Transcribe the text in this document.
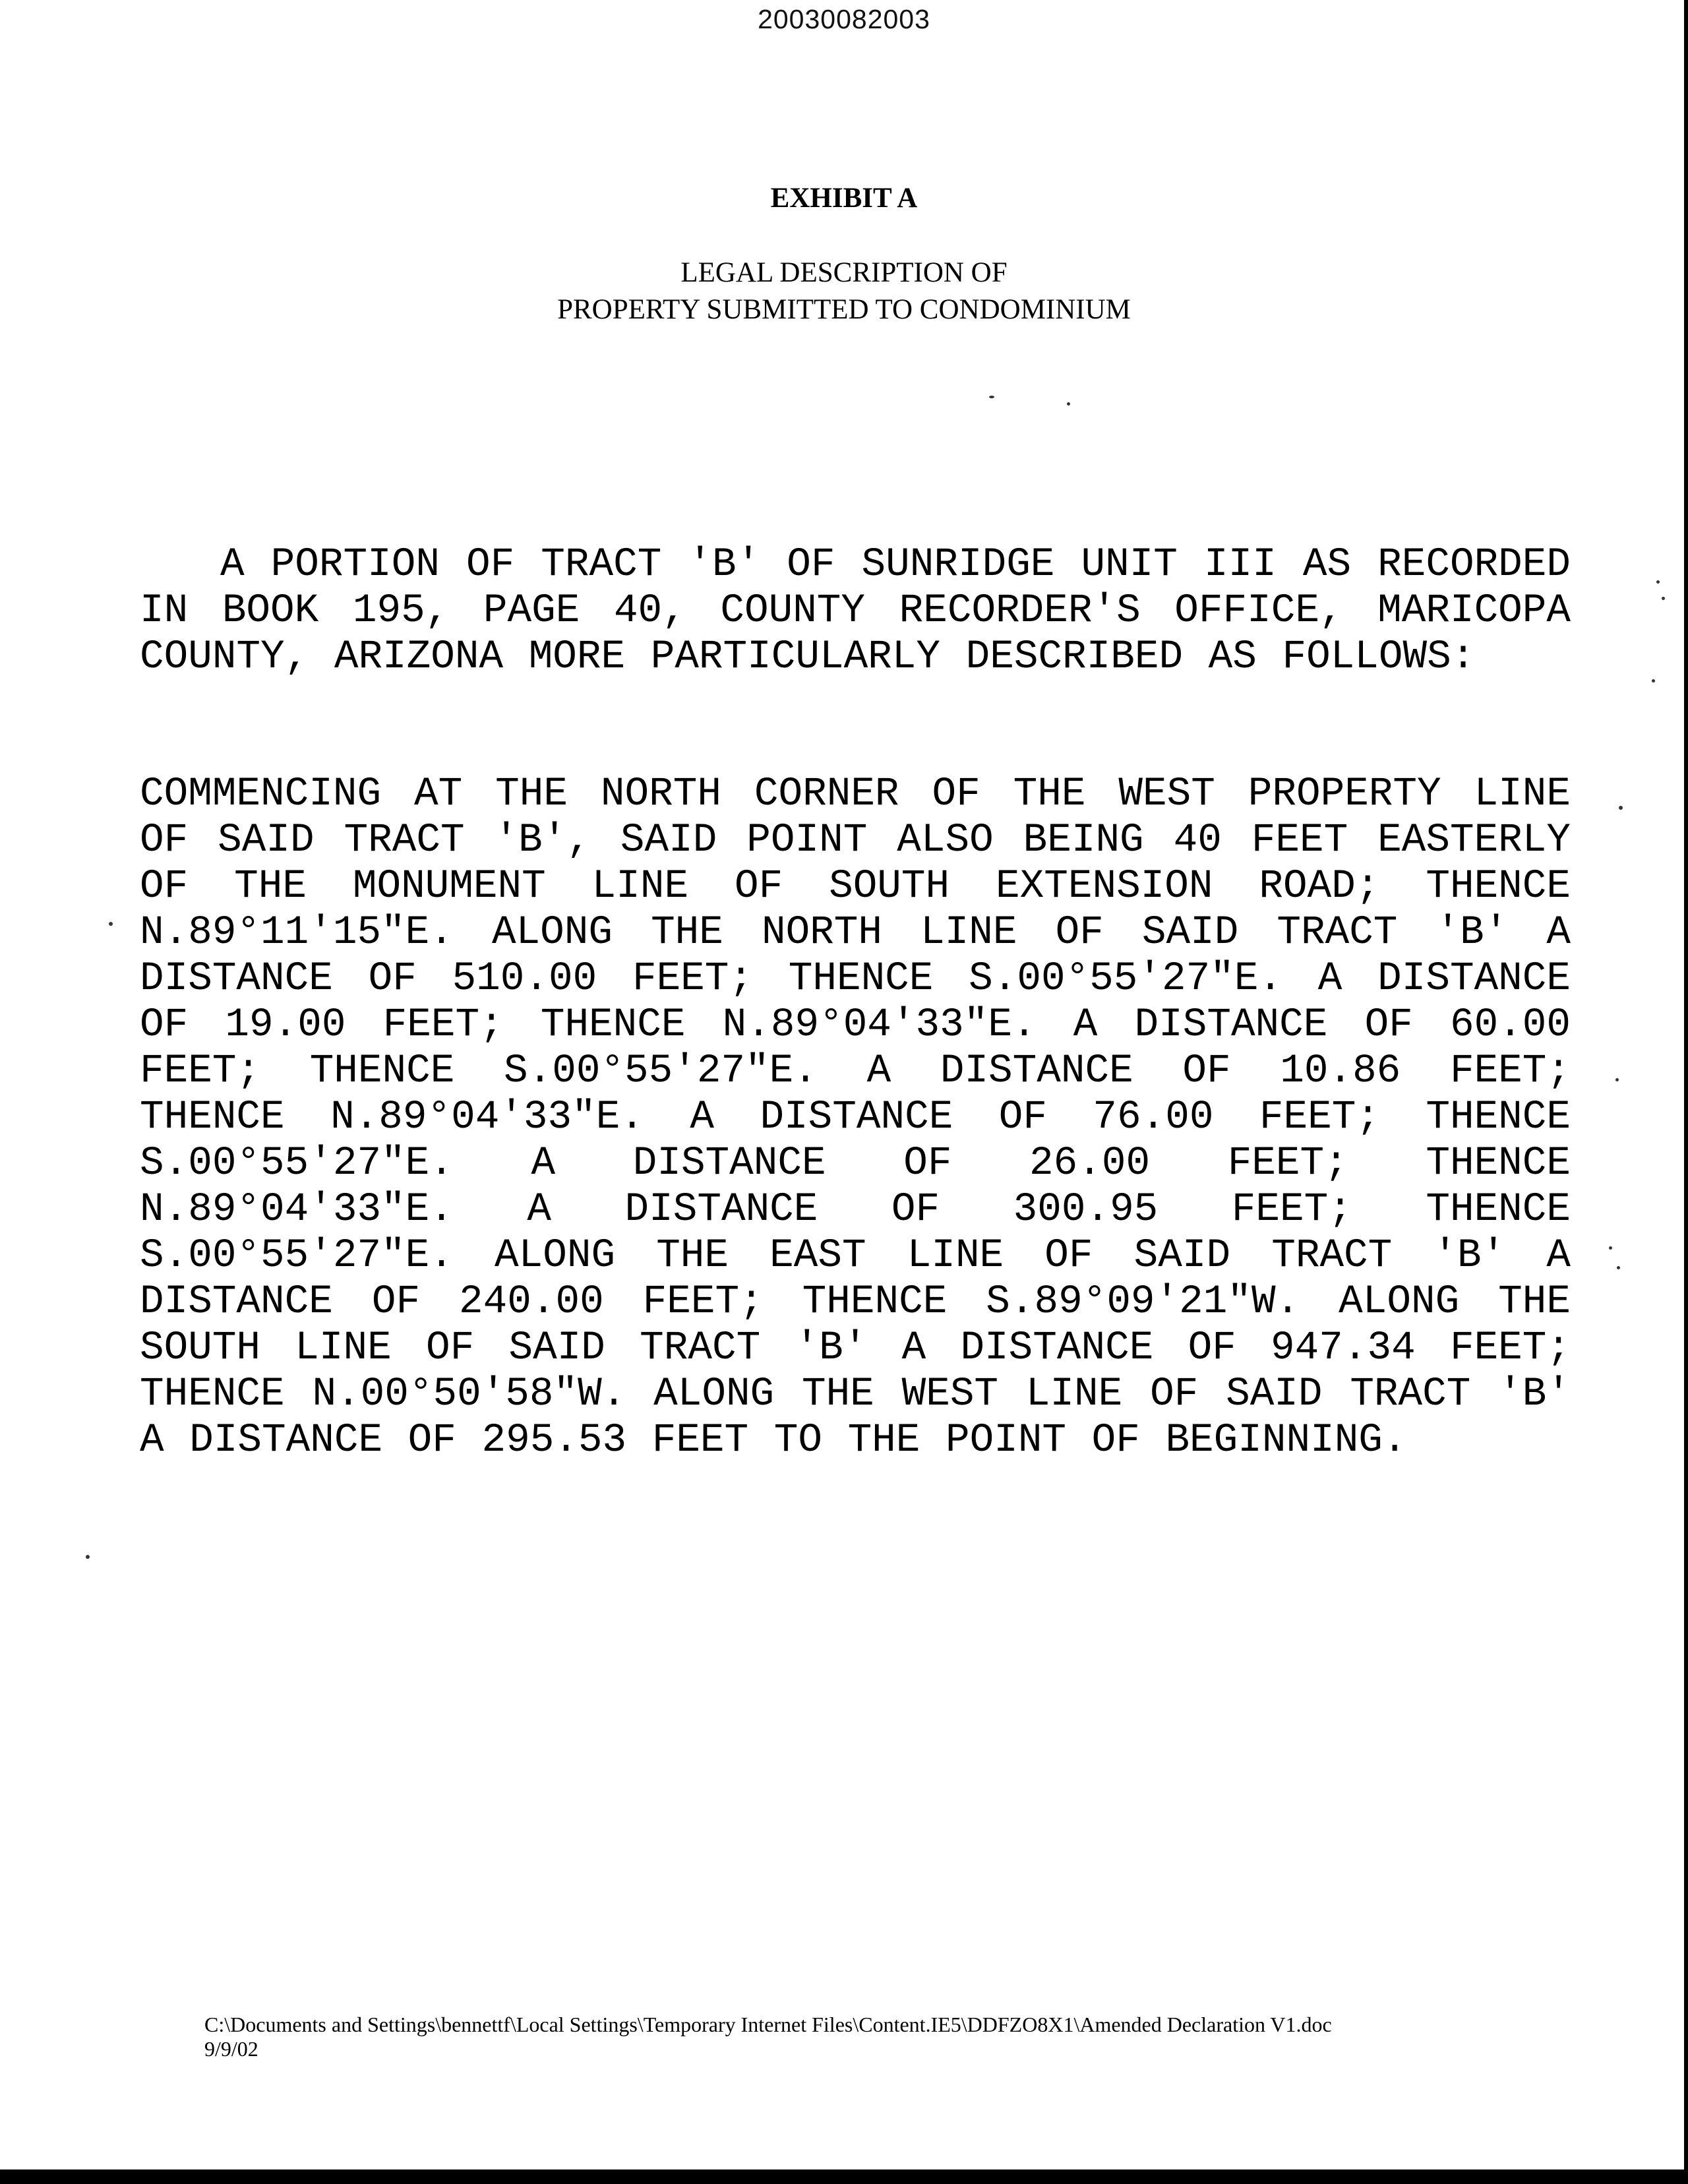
20030082003
EXHIBIT A
LEGAL DESCRIPTION OF
PROPERTY SUBMITTED TO CONDOMINIUM
A PORTION OF TRACT 'B' OF SUNRIDGE UNIT III AS RECORDED IN BOOK 195, PAGE 40, COUNTY RECORDER'S OFFICE, MARICOPA COUNTY, ARIZONA MORE PARTICULARLY DESCRIBED AS FOLLOWS:
COMMENCING AT THE NORTH CORNER OF THE WEST PROPERTY LINE OF SAID TRACT 'B', SAID POINT ALSO BEING 40 FEET EASTERLY OF THE MONUMENT LINE OF SOUTH EXTENSION ROAD; THENCE N.89°11'15"E. ALONG THE NORTH LINE OF SAID TRACT 'B' A DISTANCE OF 510.00 FEET; THENCE S.00°55'27"E. A DISTANCE OF 19.00 FEET; THENCE N.89°04'33"E. A DISTANCE OF 60.00 FEET; THENCE S.00°55'27"E. A DISTANCE OF 10.86 FEET; THENCE N.89°04'33"E. A DISTANCE OF 76.00 FEET; THENCE S.00°55'27"E. A DISTANCE OF 26.00 FEET; THENCE N.89°04'33"E. A DISTANCE OF 300.95 FEET; THENCE S.00°55'27"E. ALONG THE EAST LINE OF SAID TRACT 'B' A DISTANCE OF 240.00 FEET; THENCE S.89°09'21"W. ALONG THE SOUTH LINE OF SAID TRACT 'B' A DISTANCE OF 947.34 FEET; THENCE N.00°50'58"W. ALONG THE WEST LINE OF SAID TRACT 'B' A DISTANCE OF 295.53 FEET TO THE POINT OF BEGINNING.
C:\Documents and Settings\bennettf\Local Settings\Temporary Internet Files\Content.IE5\DDFZO8X1\Amended Declaration V1.doc
9/9/02
